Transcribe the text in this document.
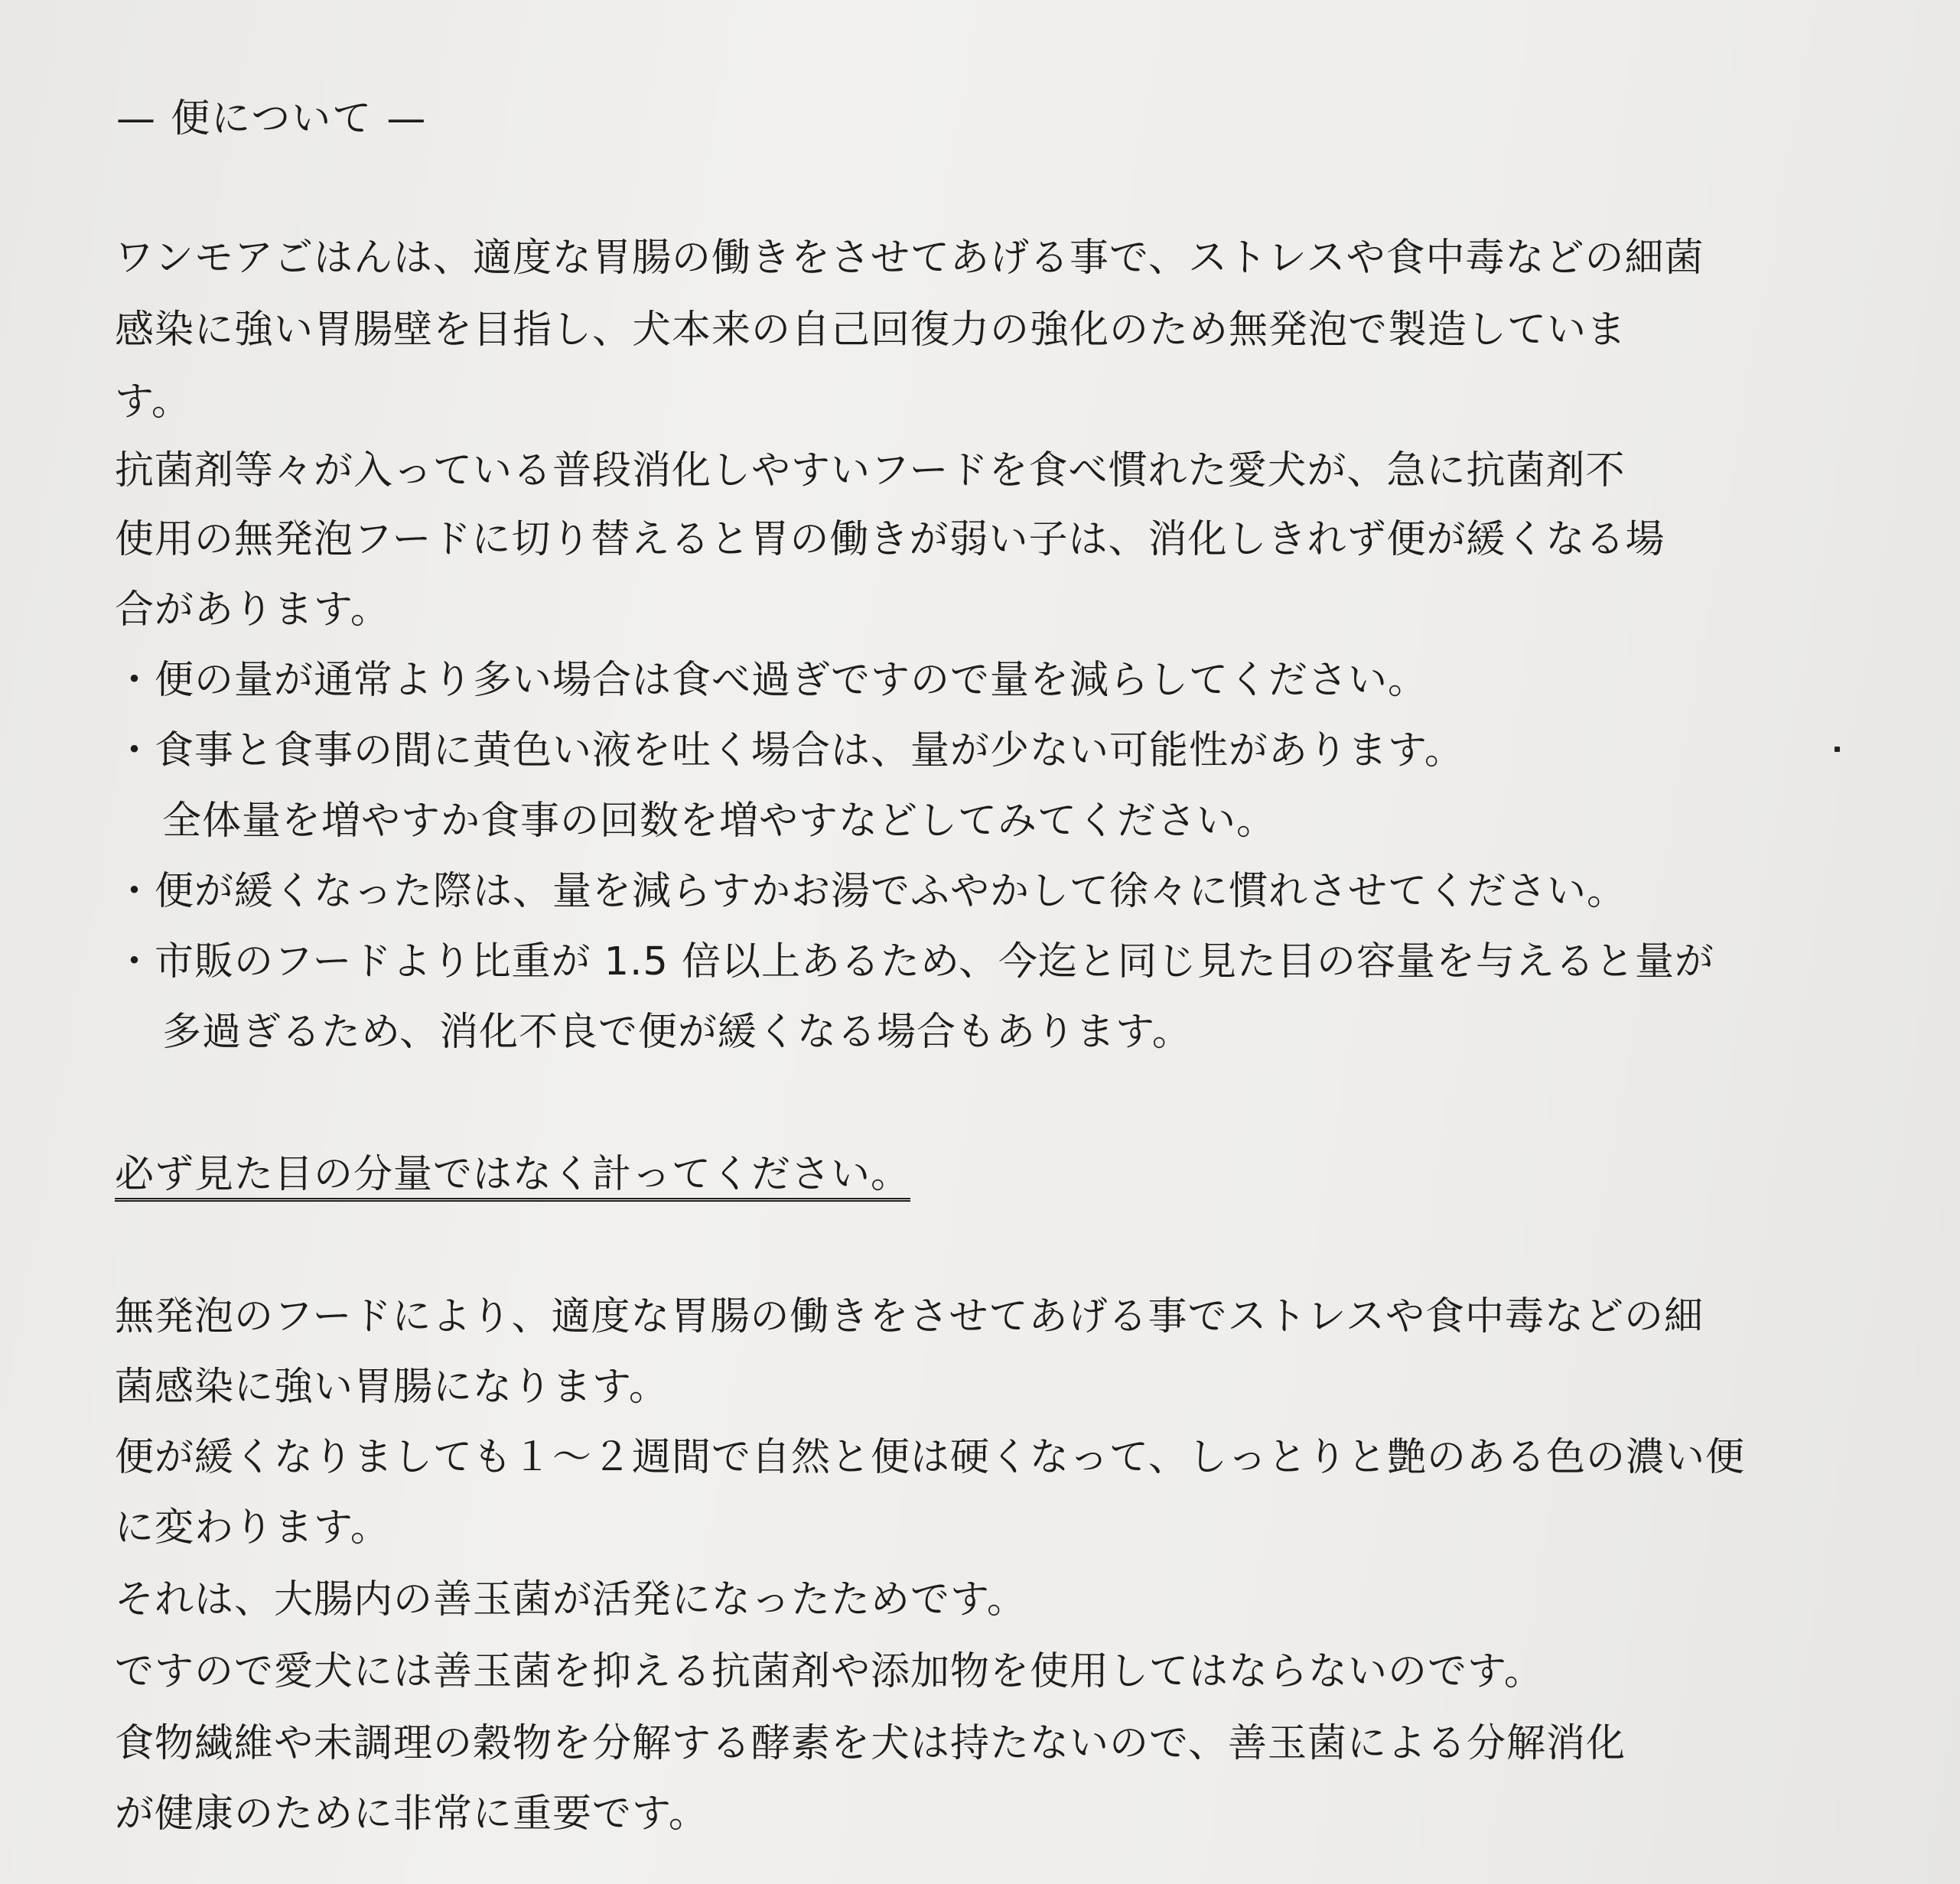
— 便について —
ワンモアごはんは、適度な胃腸の働きをさせてあげる事で、ストレスや食中毒などの細菌
感染に強い胃腸壁を目指し、犬本来の自己回復力の強化のため無発泡で製造していま
す。
抗菌剤等々が入っている普段消化しやすいフードを食べ慣れた愛犬が、急に抗菌剤不
使用の無発泡フードに切り替えると胃の働きが弱い子は、消化しきれず便が緩くなる場
合があります。
・便の量が通常より多い場合は食べ過ぎですので量を減らしてください。
・食事と食事の間に黄色い液を吐く場合は、量が少ない可能性があります。
全体量を増やすか食事の回数を増やすなどしてみてください。
・便が緩くなった際は、量を減らすかお湯でふやかして徐々に慣れさせてください。
・市販のフードより比重が 1.5 倍以上あるため、今迄と同じ見た目の容量を与えると量が
多過ぎるため、消化不良で便が緩くなる場合もあります。
必ず見た目の分量ではなく計ってください。
無発泡のフードにより、適度な胃腸の働きをさせてあげる事でストレスや食中毒などの細
菌感染に強い胃腸になります。
便が緩くなりましても１～２週間で自然と便は硬くなって、しっとりと艶のある色の濃い便
に変わります。
それは、大腸内の善玉菌が活発になったためです。
ですので愛犬には善玉菌を抑える抗菌剤や添加物を使用してはならないのです。
食物繊維や未調理の穀物を分解する酵素を犬は持たないので、善玉菌による分解消化
が健康のために非常に重要です。
